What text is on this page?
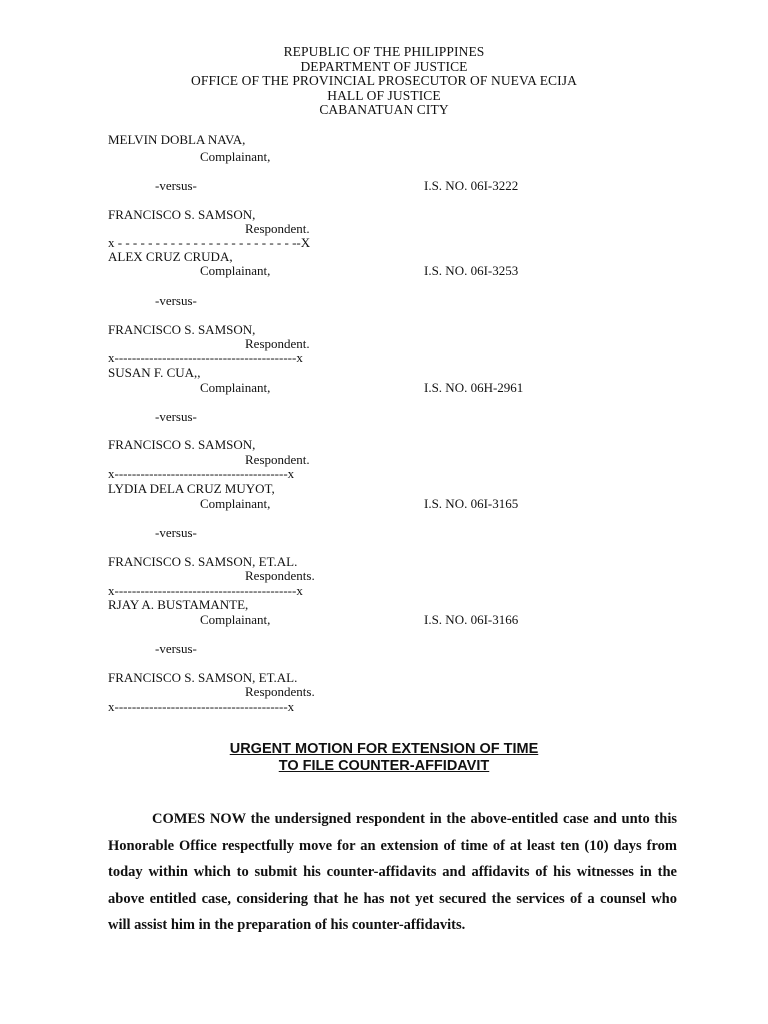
REPUBLIC OF THE PHILIPPINES
DEPARTMENT OF JUSTICE
OFFICE OF THE PROVINCIAL PROSECUTOR OF NUEVA ECIJA
HALL OF JUSTICE
CABANATUAN CITY
MELVIN DOBLA NAVA,
Complainant,
-versus-	I.S. NO. 06I-3222
FRANCISCO S. SAMSON,
Respondent.
x - - - - - - - - - - - - - - - - - - - - - - - --X
ALEX CRUZ CRUDA,
Complainant,	I.S. NO. 06I-3253
-versus-
FRANCISCO S. SAMSON,
Respondent.
x------------------------------------------x
SUSAN F. CUA,,
Complainant,	I.S. NO. 06H-2961
-versus-
FRANCISCO S. SAMSON,
Respondent.
x----------------------------------------x
LYDIA DELA CRUZ MUYOT,
Complainant,	I.S. NO. 06I-3165
-versus-
FRANCISCO S. SAMSON, ET.AL.
Respondents.
x------------------------------------------x
RJAY A. BUSTAMANTE,
Complainant,	I.S. NO. 06I-3166
-versus-
FRANCISCO S. SAMSON, ET.AL.
Respondents.
x----------------------------------------x
URGENT MOTION FOR EXTENSION OF TIME
TO FILE COUNTER-AFFIDAVIT

COMES NOW the undersigned respondent in the above-entitled case and unto this Honorable Office respectfully move for an extension of time of at least ten (10) days from today within which to submit his counter-affidavits and affidavits of his witnesses in the above entitled case, considering that he has not yet secured the services of a counsel who will assist him in the preparation of his counter-affidavits.
